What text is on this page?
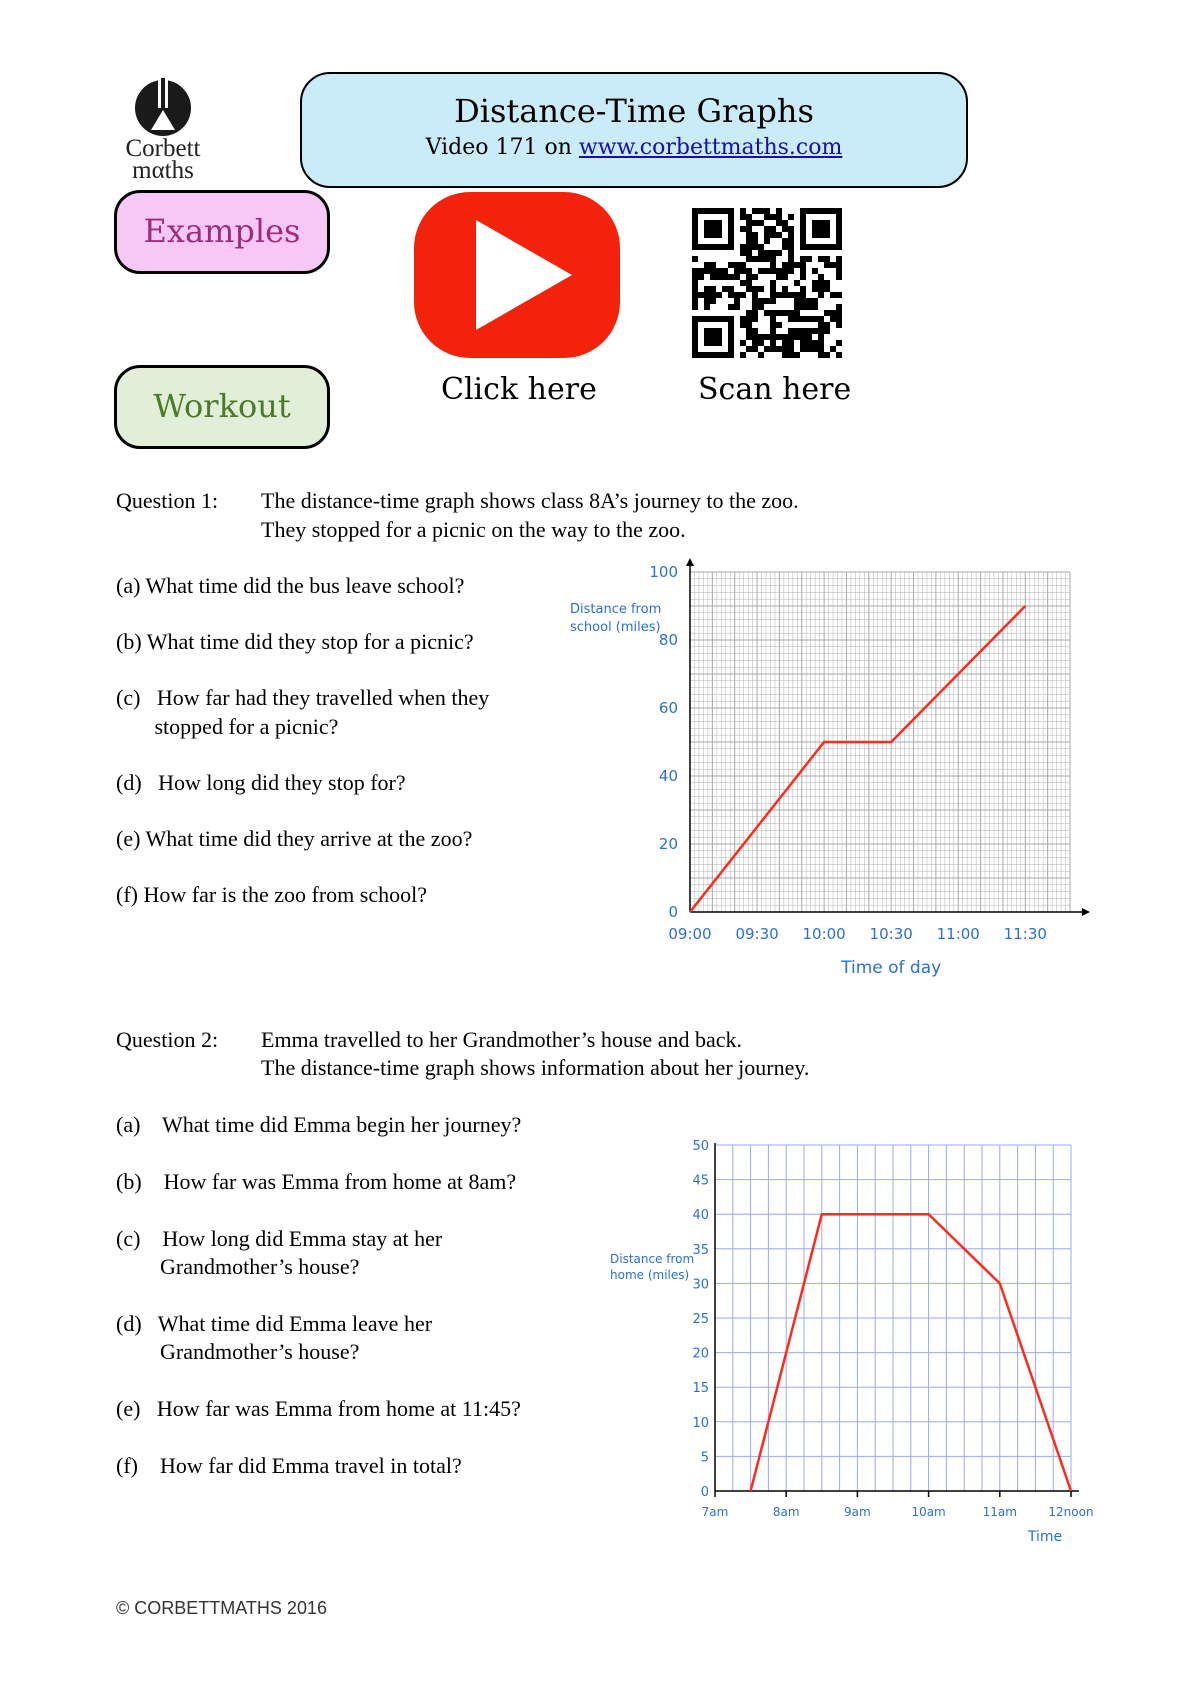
Corbett
mαths
Distance-Time Graphs
Video 171 on www.corbettmaths.com
Examples
Workout	Click here	Scan here
Question 1: The distance-time graph shows class 8A’s journey to the zoo.
They stopped for a picnic on the way to the zoo.
(a) What time did the bus leave school?
(b) What time did they stop for a picnic?
(c)   How far had they travelled when they
stopped for a picnic?
(d)   How long did they stop for?
(e) What time did they arrive at the zoo?
(f) How far is the zoo from school?
0
20
40
60
80
100
09:00 09:30 10:00 10:30 11:00 11:30
Time of day
Distance from
school (miles)
Question 2: Emma travelled to her Grandmother’s house and back.
The distance-time graph shows information about her journey.
(a)    What time did Emma begin her journey?
(b)    How far was Emma from home at 8am?
(c)    How long did Emma stay at her
Grandmother’s house?
(d)   What time did Emma leave her
Grandmother’s house?
(e)   How far was Emma from home at 11:45?
(f)    How far did Emma travel in total?
0
5
10
15
20
25
30
35
40
45
50
7am	8am	9am	10am	11am	12noon
Time
Distance from
home (miles)
© CORBETTMATHS 2016
